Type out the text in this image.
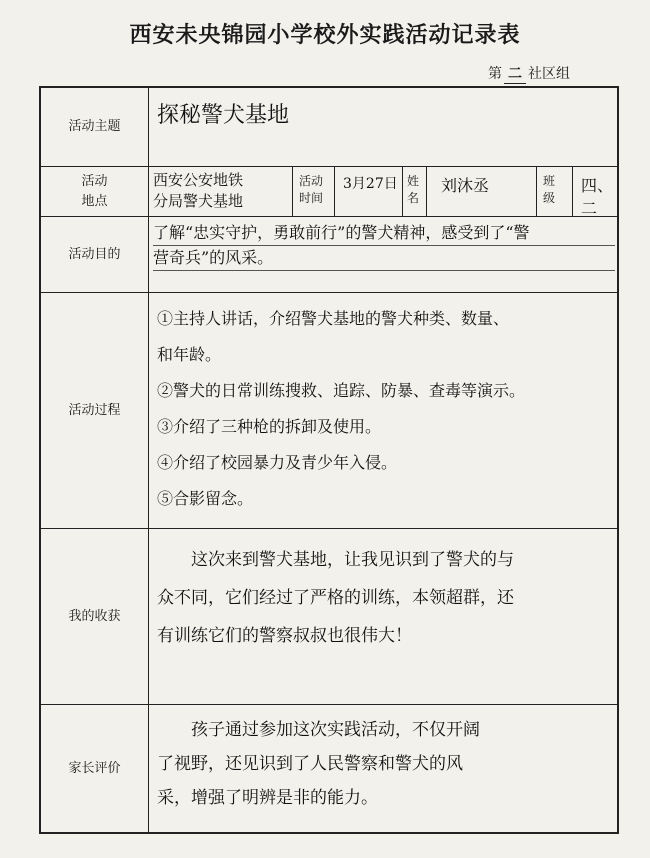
西安未央锦园小学校外实践活动记录表
第 二 社区组
活动主题	探秘警犬基地
活动
地点
西安公安地铁
分局警犬基地
活动
时间
3月27日 姓
名
刘沐丞	班
级
四、二
活动目的
了解“忠实守护，勇敢前行”的警犬精神，感受到了“警
营奇兵”的风采。
活动过程
①主持人讲话，介绍警犬基地的警犬种类、数量、
和年龄。
②警犬的日常训练搜救、追踪、防暴、查毒等演示。
③介绍了三种枪的拆卸及使用。
④介绍了校园暴力及青少年入侵。
⑤合影留念。
我的收获
　　这次来到警犬基地，让我见识到了警犬的与
众不同，它们经过了严格的训练，本领超群，还
有训练它们的警察叔叔也很伟大！
家长评价
　　孩子通过参加这次实践活动，不仅开阔
了视野，还见识到了人民警察和警犬的风
采，增强了明辨是非的能力。
